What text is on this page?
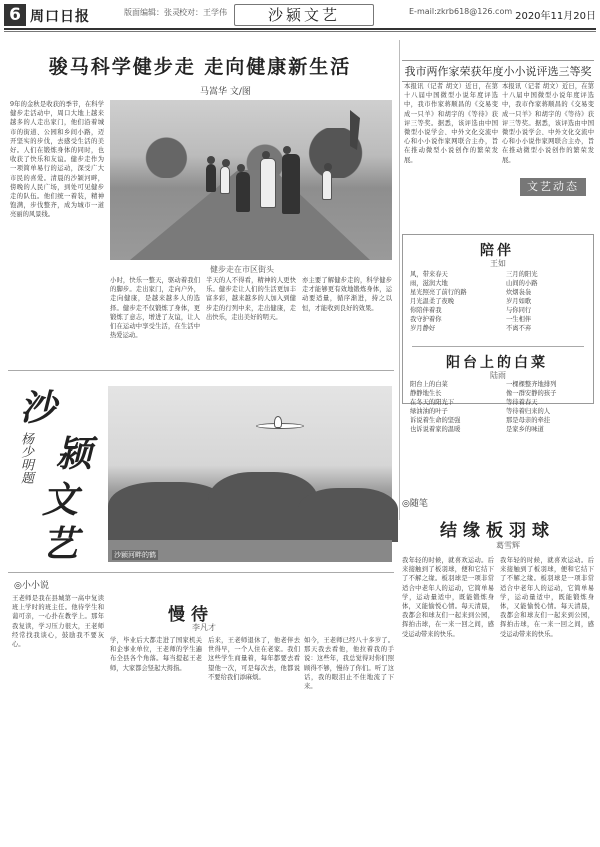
6 周口日报	版面编辑：张灵 校对：王学伟	沙颍文艺	E-mail:zkrb618@126.com 2020年11月20日
骏马科学健步走 走向健康新生活
马嵩华 文/图
9年的金秋是收获的季节，在科学健步走活动中，周口大地上越来越多的人走出家门，他们沿着城市的街道、公园和乡间小路，迈开坚实的步伐，去感受生活的美好。人们在锻炼身体的同时，也收获了快乐和友谊。健步走作为一项简单易行的运动，深受广大市民的喜爱。清晨的沙颍河畔，傍晚的人民广场，到处可见健步走的队伍。他们统一着装，精神饱满，步伐整齐，成为城市一道亮丽的风景线。
健步走在市区街头
小时，快乐一整天，驱动着我们的脚步。走出家门，走向户外，走向健康，是越来越多人的选择。健步走不仅锻炼了身体，更锻炼了意志，增进了友谊，让人们在运动中享受生活，在生活中热爱运动。
半天的人不得看，精神的人更快乐。健步走让人们的生活更加丰富多彩，越来越多的人加入到健步走的行列中来，走出健康，走出快乐，走出美好的明天。
亦主要了解健步走的，科学健步走才能够更有效地锻炼身体，运动要适量，循序渐进，持之以恒，才能收到良好的效果。
我市两作家荣获年度小小说评选三等奖
本报讯（记者 胡文）近日，在第十八届中国微型小说年度评选中，我市作家蒋顺昌的《交易变成一只羊》和胡宇的《等待》获评三等奖。据悉，该评选由中国微型小说学会、中外文化交流中心和小小说作家网联合主办，旨在推动微型小说创作的繁荣发展。
本报讯（记者 胡文）近日，在第十八届中国微型小说年度评选中，我市作家蒋顺昌的《交易变成一只羊》和胡宇的《等待》获评三等奖。据悉，该评选由中国微型小说学会、中外文化交流中心和小小说作家网联合主办，旨在推动微型小说创作的繁荣发展。
文艺动态
陪伴
王如
风，带来春天
雨，滋润大地
星光照亮了前行的路
月光温柔了夜晚
你陪伴着我
我守护着你
岁月静好
三月的阳光
山间的小路
炊烟袅袅
岁月如歌
与你同行
一生相伴
不离不弃
阳台上的白菜
陆雨
阳台上的白菜
静静地生长
在冬天的阳光下
绿油油的叶子
诉说着生命的坚强
也诉说着家的温暖
一棵棵整齐地排列
像一群安静的孩子
等待着春天
等待着归来的人
那是母亲的牵挂
是家乡的味道
沙
颍
文
艺
杨少明题
沙颍河畔的鹤
◎随笔
结缘板羽球
葛雪辉
我年轻的时候，就喜欢运动。后来接触到了板羽球，便和它结下了不解之缘。板羽球是一项非常适合中老年人的运动，它简单易学，运动量适中，既能锻炼身体，又能愉悦心情。每天清晨，我都会和球友们一起来到公园，挥拍击球，在一来一回之间，感受运动带来的快乐。
我年轻的时候，就喜欢运动。后来接触到了板羽球，便和它结下了不解之缘。板羽球是一项非常适合中老年人的运动，它简单易学，运动量适中，既能锻炼身体，又能愉悦心情。每天清晨，我都会和球友们一起来到公园，挥拍击球，在一来一回之间，感受运动带来的快乐。
◎小小说
慢待
李凡才
王老师是我在县城第一高中复读班上学时的班主任。他待学生和蔼可亲，一心扑在教学上。那年我复读，学习压力很大，王老师经常找我谈心，鼓励我不要灰心。
学，毕业后大都走进了国家机关和企事业单位，王老师的学生遍布全县各个角落。每当提起王老师，大家都会竖起大拇指。
后来，王老师退休了，他老伴去世得早，一个人住在老家。我们这些学生商量着，每年都要去看望他一次，可是每次去，他都说不要给我们添麻烦。
如今，王老师已经八十多岁了。那天我去看他，他拉着我的手说：这些年，我总觉得对你们照顾得不够，慢待了你们。听了这话，我的眼泪止不住地流了下来。
